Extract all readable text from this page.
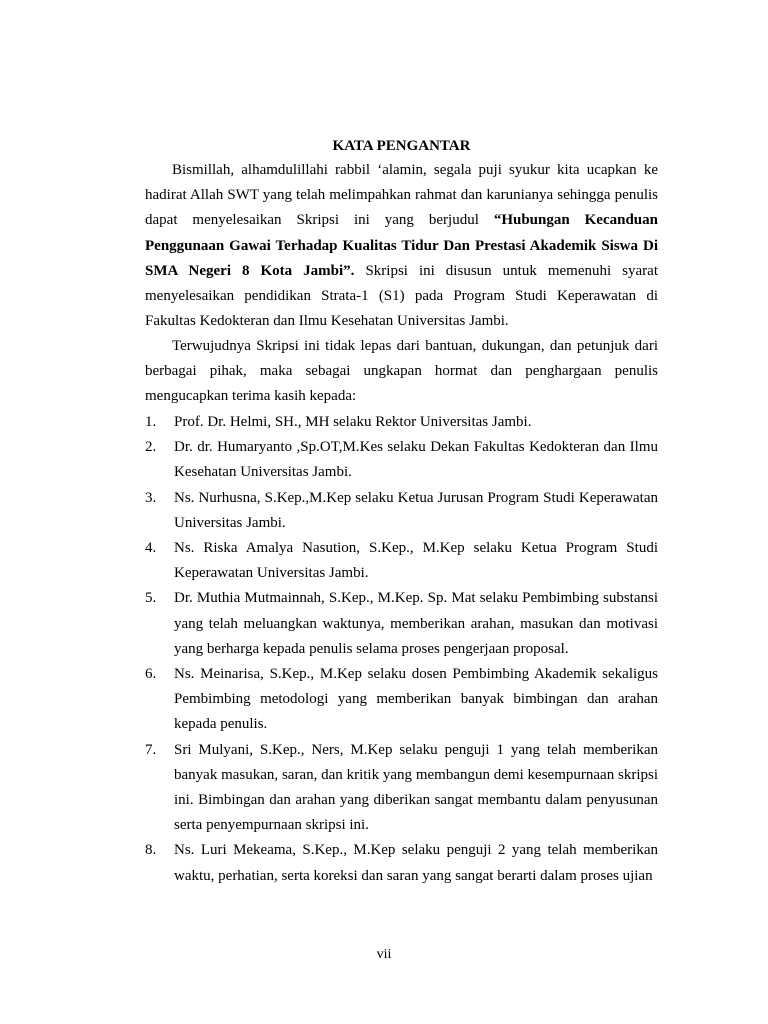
KATA PENGANTAR

Bismillah, alhamdulillahi rabbil ‘alamin, segala puji syukur kita ucapkan ke hadirat Allah SWT yang telah melimpahkan rahmat dan karunianya sehingga penulis dapat menyelesaikan Skripsi ini yang berjudul “Hubungan Kecanduan Penggunaan Gawai Terhadap Kualitas Tidur Dan Prestasi Akademik Siswa Di SMA Negeri 8 Kota Jambi”. Skripsi ini disusun untuk memenuhi syarat menyelesaikan pendidikan Strata-1 (S1) pada Program Studi Keperawatan di Fakultas Kedokteran dan Ilmu Kesehatan Universitas Jambi.

Terwujudnya Skripsi ini tidak lepas dari bantuan, dukungan, dan petunjuk dari berbagai pihak, maka sebagai ungkapan hormat dan penghargaan penulis mengucapkan terima kasih kepada:

1. Prof. Dr. Helmi, SH., MH selaku Rektor Universitas Jambi.
2. Dr. dr. Humaryanto ,Sp.OT,M.Kes selaku Dekan Fakultas Kedokteran dan Ilmu Kesehatan Universitas Jambi.
3. Ns. Nurhusna, S.Kep.,M.Kep selaku Ketua Jurusan Program Studi Keperawatan Universitas Jambi.
4. Ns. Riska Amalya Nasution, S.Kep., M.Kep selaku Ketua Program Studi Keperawatan Universitas Jambi.
5. Dr. Muthia Mutmainnah, S.Kep., M.Kep. Sp. Mat selaku Pembimbing substansi yang telah meluangkan waktunya, memberikan arahan, masukan dan motivasi yang berharga kepada penulis selama proses pengerjaan proposal.
6. Ns. Meinarisa, S.Kep., M.Kep selaku dosen Pembimbing Akademik sekaligus Pembimbing metodologi yang memberikan banyak bimbingan dan arahan kepada penulis.
7. Sri Mulyani, S.Kep., Ners, M.Kep selaku penguji 1 yang telah memberikan banyak masukan, saran, dan kritik yang membangun demi kesempurnaan skripsi ini. Bimbingan dan arahan yang diberikan sangat membantu dalam penyusunan serta penyempurnaan skripsi ini.
8. Ns. Luri Mekeama, S.Kep., M.Kep selaku penguji 2 yang telah memberikan waktu, perhatian, serta koreksi dan saran yang sangat berarti dalam proses ujian
vii
